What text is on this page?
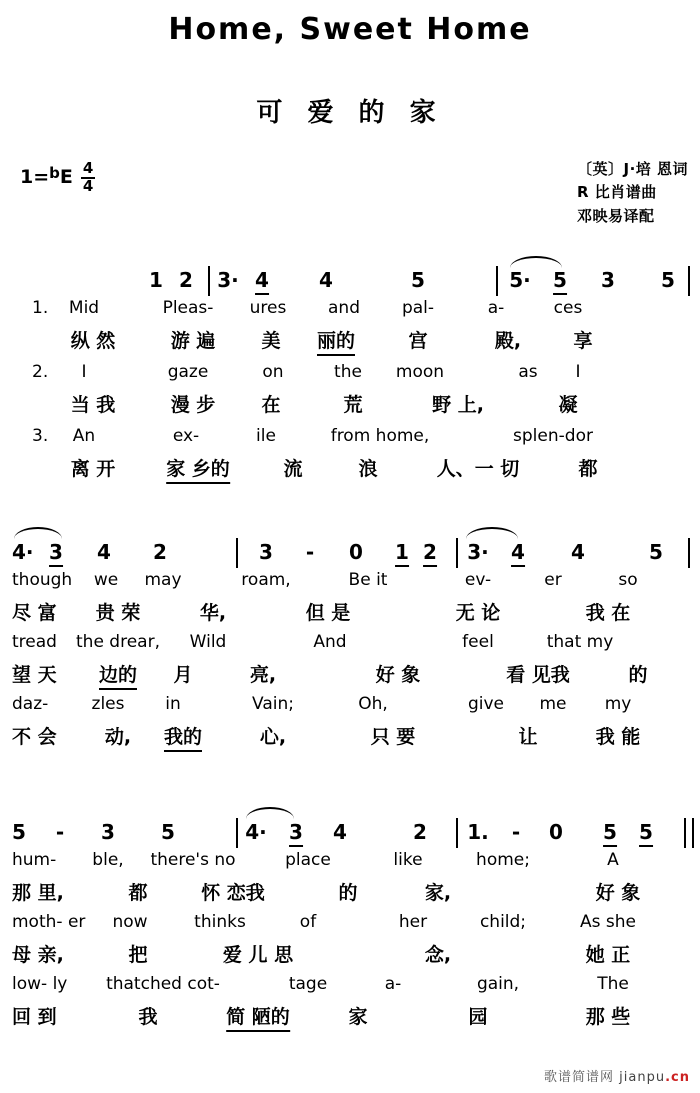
Home, Sweet Home
可 爱 的 家
1= b E $\frac{4}{4}$	〔英〕J·培 恩词
R 比肖谱曲
邓映易译配
1 2 3· 4	4	5	5· 5 3 5
1. Mid	Pleas- ures and pal-	a-	ces
纵 然	游 遍 美 丽的	宫	殿,	享
2. I	gaze	on	the moon	as I
当 我	漫 步 在	荒	野 上,	凝
3. An	ex-	ile	from home,	splen-dor
离 开	家 乡的	流	浪	人、一 切	都
4· 3 4 2	3 - 0 1 2 3· 4 4	5
though we may	roam,	Be it	ev-	er	so
尽 富 贵 荣	华,	但 是	无 论	我 在
tread the drear, Wild	And	feel	that my
望 天 边的 月	亮,	好 象	看 见我	的
daz-	zles in	Vain;	Oh,	give me my
不 会	动, 我的	心,	只 要	让	我 能
5 - 3 5	4· 3 4	2 1. - 0 5 5
hum- ble, there's no	place	like	home;	A
那 里,	都	怀 恋我	的	家,	好 象
moth- er now	thinks	of	her	child;	As she
母 亲,	把	爱 儿 思	念,	她 正
low- ly thatched cot-	tage	a-	gain,	The
回 到	我	简 陋的	家	园	那 些
歌谱简谱网 jianpu.cn
